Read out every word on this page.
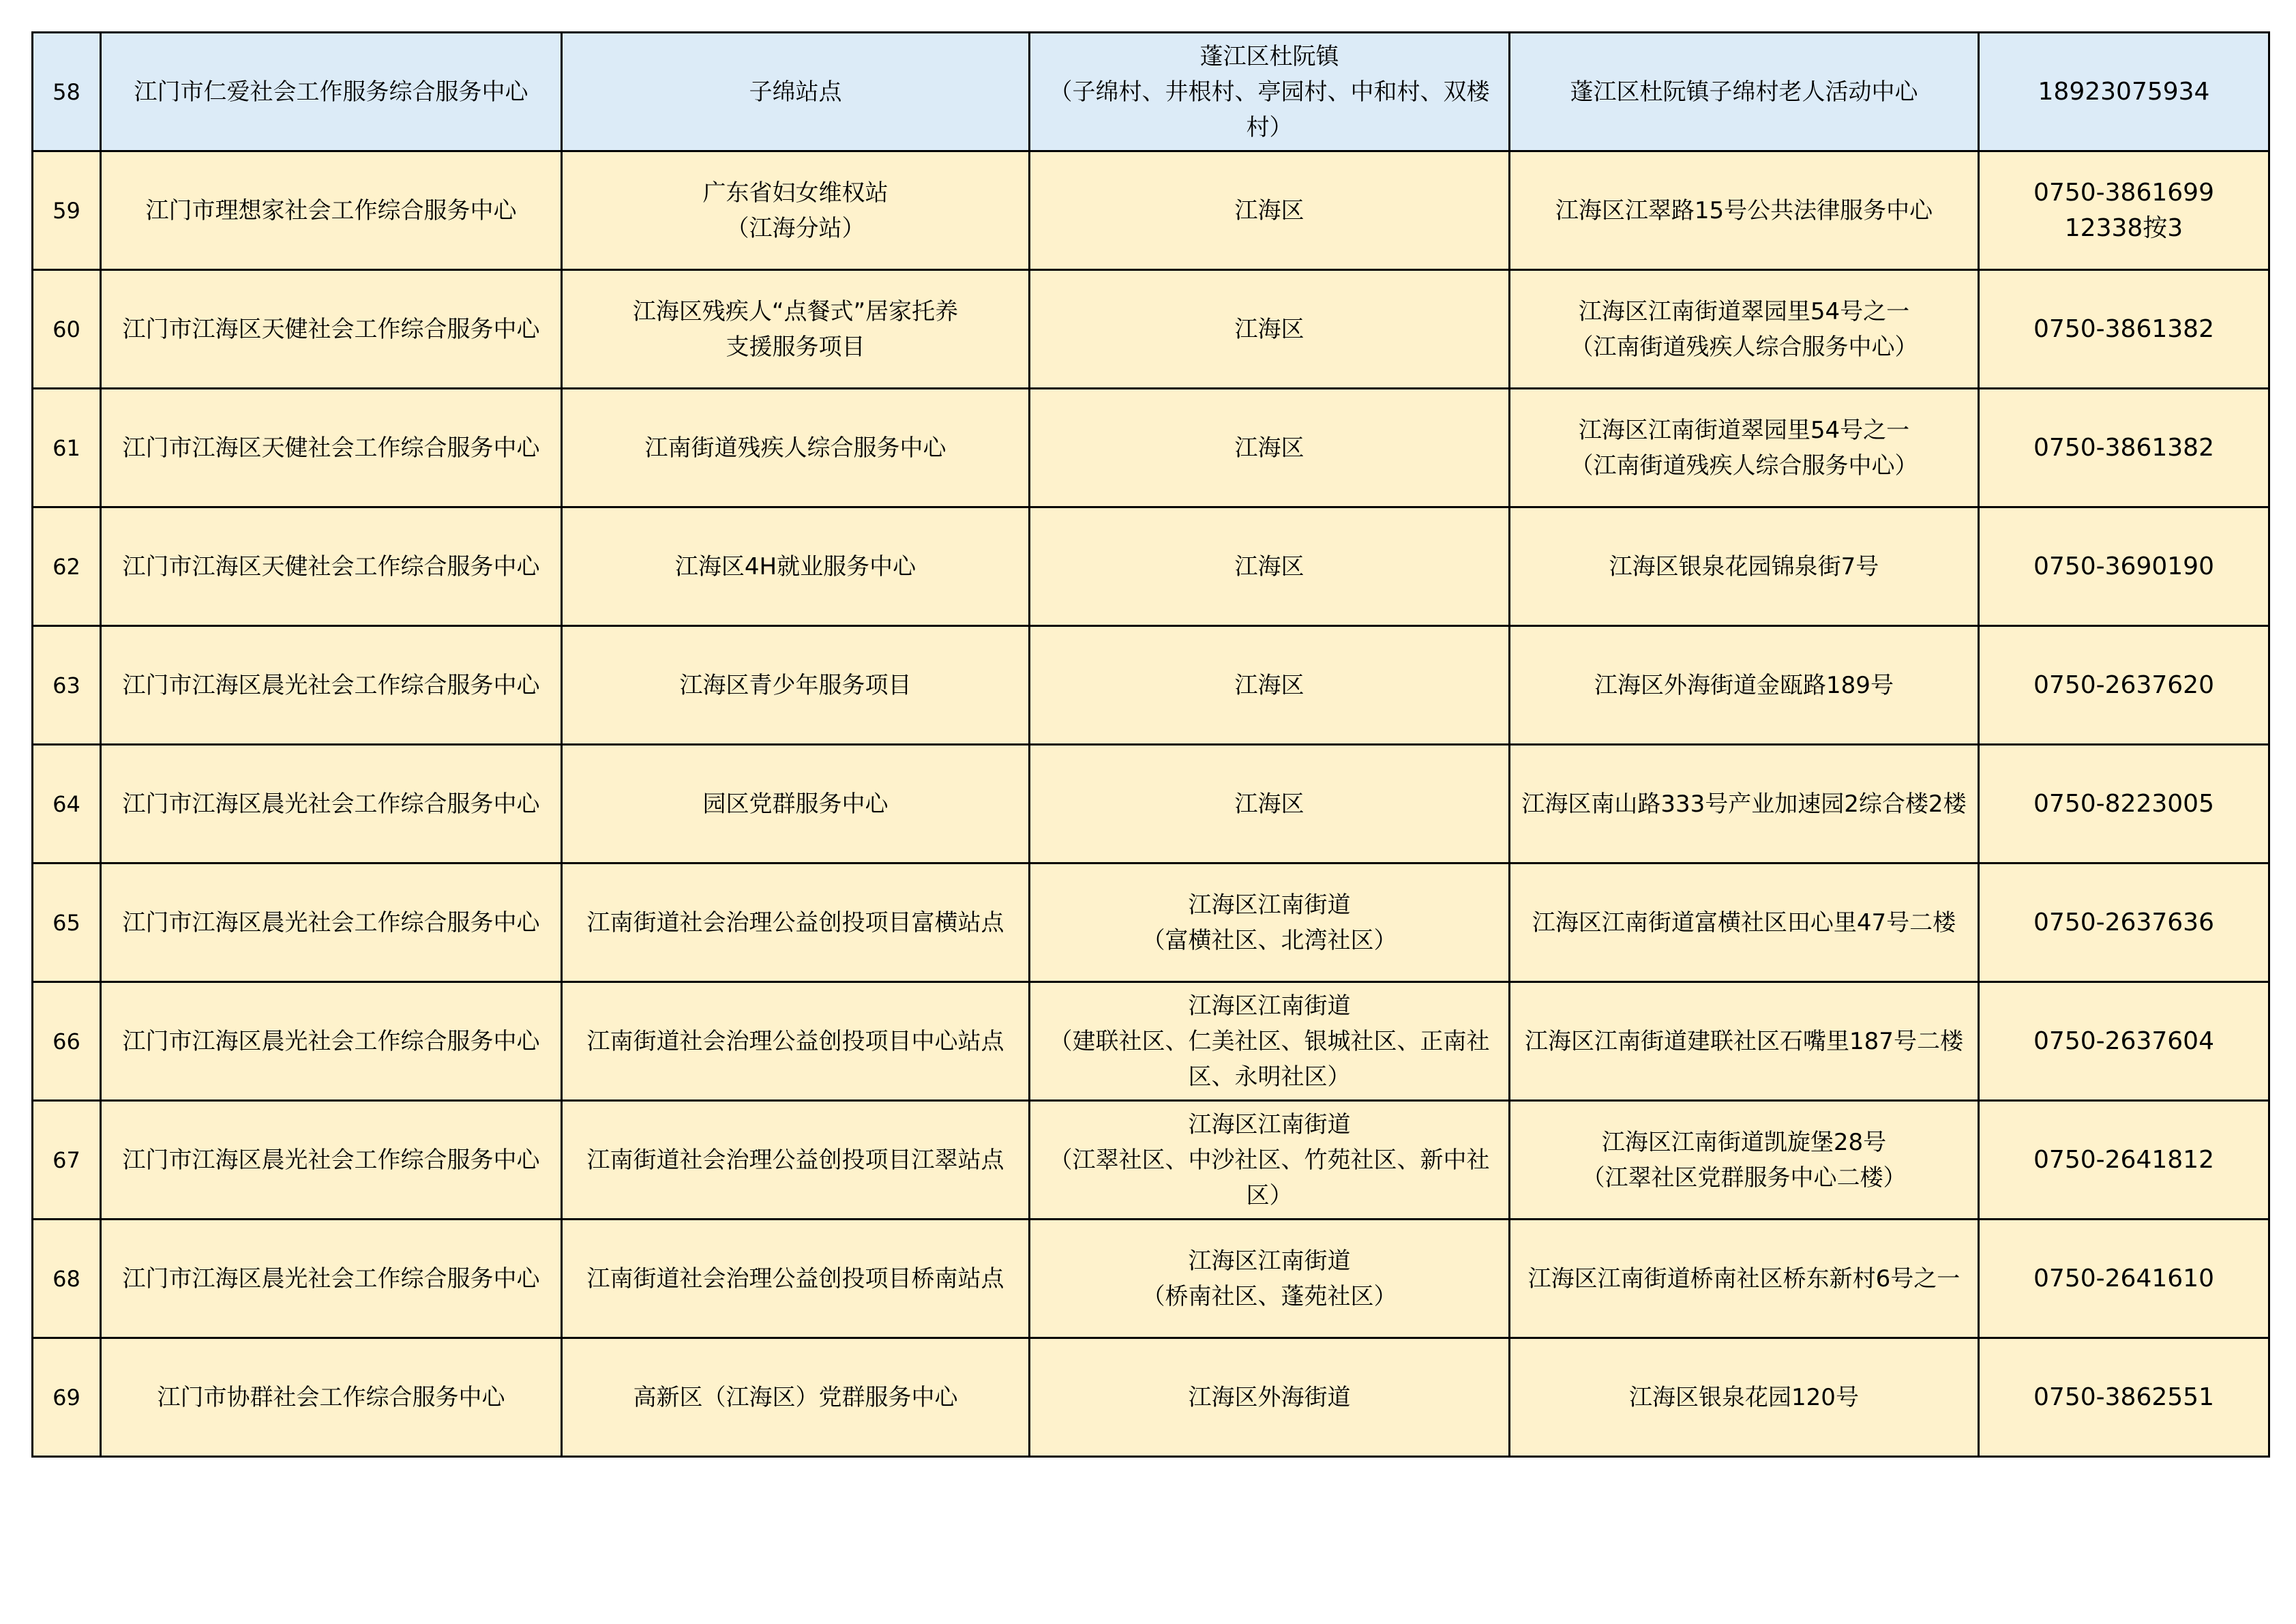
58	江门市仁爱社会工作服务综合服务中心	子绵站点	蓬江区杜阮镇
（子绵村、井根村、亭园村、中和村、双楼村）	蓬江区杜阮镇子绵村老人活动中心	18923075934

59	江门市理想家社会工作综合服务中心	广东省妇女维权站
（江海分站）	江海区	江海区江翠路15号公共法律服务中心	0750-3861699
12338按3

60	江门市江海区天健社会工作综合服务中心	江海区残疾人“点餐式”居家托养
支援服务项目	江海区	江海区江南街道翠园里54号之一
（江南街道残疾人综合服务中心）	0750-3861382

61	江门市江海区天健社会工作综合服务中心	江南街道残疾人综合服务中心	江海区	江海区江南街道翠园里54号之一
（江南街道残疾人综合服务中心）	0750-3861382

62	江门市江海区天健社会工作综合服务中心	江海区4H就业服务中心	江海区	江海区银泉花园锦泉街7号	0750-3690190

63	江门市江海区晨光社会工作综合服务中心	江海区青少年服务项目	江海区	江海区外海街道金瓯路189号	0750-2637620

64	江门市江海区晨光社会工作综合服务中心	园区党群服务中心	江海区	江海区南山路333号产业加速园2综合楼2楼	0750-8223005

65	江门市江海区晨光社会工作综合服务中心	江南街道社会治理公益创投项目富横站点	江海区江南街道
（富横社区、北湾社区）	江海区江南街道富横社区田心里47号二楼	0750-2637636

66	江门市江海区晨光社会工作综合服务中心	江南街道社会治理公益创投项目中心站点	江海区江南街道
（建联社区、仁美社区、银城社区、正南社区、永明社区）	江海区江南街道建联社区石嘴里187号二楼	0750-2637604

67	江门市江海区晨光社会工作综合服务中心	江南街道社会治理公益创投项目江翠站点	江海区江南街道
（江翠社区、中沙社区、竹苑社区、新中社区）	江海区江南街道凯旋堡28号
（江翠社区党群服务中心二楼）	0750-2641812

68	江门市江海区晨光社会工作综合服务中心	江南街道社会治理公益创投项目桥南站点	江海区江南街道
（桥南社区、蓬苑社区）	江海区江南街道桥南社区桥东新村6号之一	0750-2641610

69	江门市协群社会工作综合服务中心	高新区（江海区）党群服务中心	江海区外海街道	江海区银泉花园120号	0750-3862551
